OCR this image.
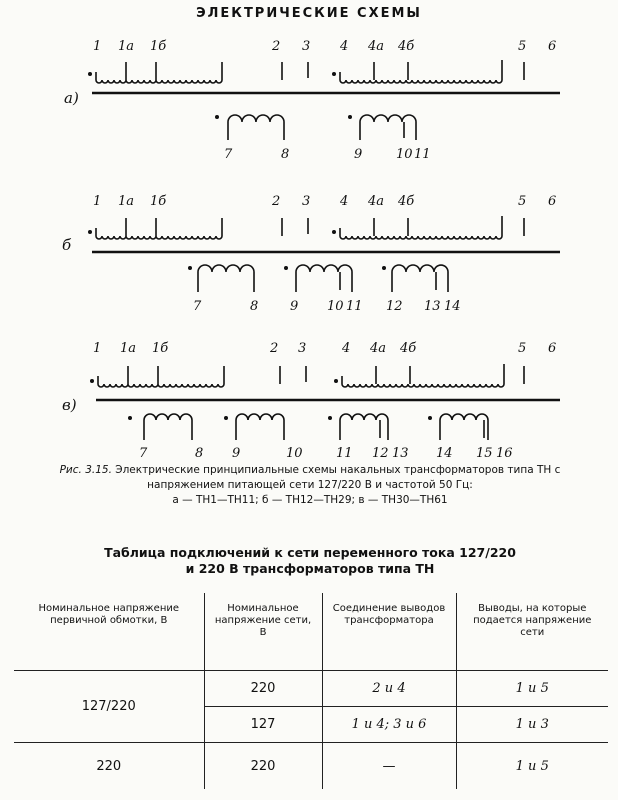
ЭЛЕКТРИЧЕСКИЕ СХЕМЫ
а)
1 1а 1б	2 3 4 4а 4б	5 6
7	8	9	10 11
б
1 1а 1б	2 3 4 4а 4б	5 6
7	8 9 10 11 12 13 14
в)
1 1а 1б	2 3	4 4а 4б	5 6
7	8 9	10	11 12 13 14 15 16
Рис. 3.15. Электрические принципиальные схемы накальных трансформаторов типа ТН с напряжением питающей сети 127/220 В и частотой 50 Гц:
а — ТН1—ТН11; б — ТН12—ТН29; в — ТН30—ТН61
Таблица подключений к сети переменного тока 127/220
и 220 В трансформаторов типа ТН
Номинальное напряжение первичной обмотки, В	Номинальное напряжение сети, В	Соединение выводов трансформатора	Выводы, на которые подается напряжение сети
127/220	220	2 и 4	1 и 5
	127	1 и 4; 3 и 6	1 и 3
220	220	—	1 и 5
